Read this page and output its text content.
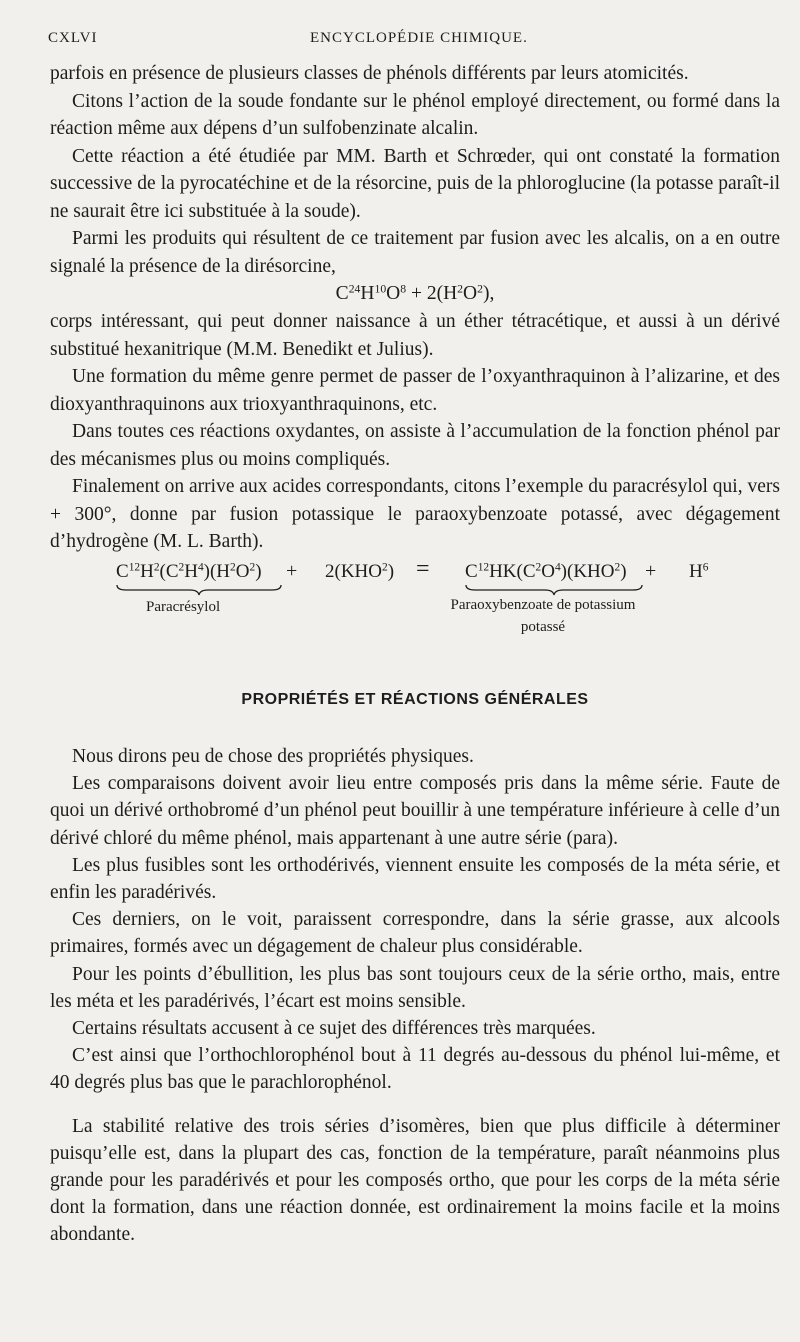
CXLVI	ENCYCLOPÉDIE CHIMIQUE.

parfois en présence de plusieurs classes de phénols différents par leurs atomicités.

Citons l’action de la soude fondante sur le phénol employé directement, ou formé dans la réaction même aux dépens d’un sulfobenzinate alcalin.

Cette réaction a été étudiée par MM. Barth et Schrœder, qui ont constaté la formation successive de la pyrocatéchine et de la résorcine, puis de la phloroglucine (la potasse paraît-il ne saurait être ici substituée à la soude).

Parmi les produits qui résultent de ce traitement par fusion avec les alcalis, on a en outre signalé la présence de la dirésorcine,

$C^{24}H^{10}O^8 + 2(H^2O^2)$,

corps intéressant, qui peut donner naissance à un éther tétracétique, et aussi à un dérivé substitué hexanitrique (M.M. Benedikt et Julius).

Une formation du même genre permet de passer de l’oxyanthraquinon à l’alizarine, et des dioxyanthraquinons aux trioxyanthraquinons, etc.

Dans toutes ces réactions oxydantes, on assiste à l’accumulation de la fonction phénol par des mécanismes plus ou moins compliqués.

Finalement on arrive aux acides correspondants, citons l’exemple du paracrésylol qui, vers + 300°, donne par fusion potassique le paraoxybenzoate potassé, avec dégagement d’hydrogène (M. L. Barth).

$C^{12}H^2(C^2H^4)(H^2O^2) + 2(KHO^2) = C^{12}HK(C^2O^4)(KHO^2) + H^6$
Paracrésylol	Paraoxybenzoate de potassium
potassé

PROPRIÉTÉS ET RÉACTIONS GÉNÉRALES

Nous dirons peu de chose des propriétés physiques.

Les comparaisons doivent avoir lieu entre composés pris dans la même série. Faute de quoi un dérivé orthobromé d’un phénol peut bouillir à une température inférieure à celle d’un dérivé chloré du même phénol, mais appartenant à une autre série (para).

Les plus fusibles sont les orthodérivés, viennent ensuite les composés de la méta série, et enfin les paradérivés.

Ces derniers, on le voit, paraissent correspondre, dans la série grasse, aux alcools primaires, formés avec un dégagement de chaleur plus considérable.

Pour les points d’ébullition, les plus bas sont toujours ceux de la série ortho, mais, entre les méta et les paradérivés, l’écart est moins sensible.

Certains résultats accusent à ce sujet des différences très marquées.

C’est ainsi que l’orthochlorophénol bout à 11 degrés au-dessous du phénol lui-même, et 40 degrés plus bas que le parachlorophénol.

La stabilité relative des trois séries d’isomères, bien que plus difficile à déterminer puisqu’elle est, dans la plupart des cas, fonction de la température, paraît néanmoins plus grande pour les paradérivés et pour les composés ortho, que pour les corps de la méta série dont la formation, dans une réaction donnée, est ordinairement la moins facile et la moins abondante.
